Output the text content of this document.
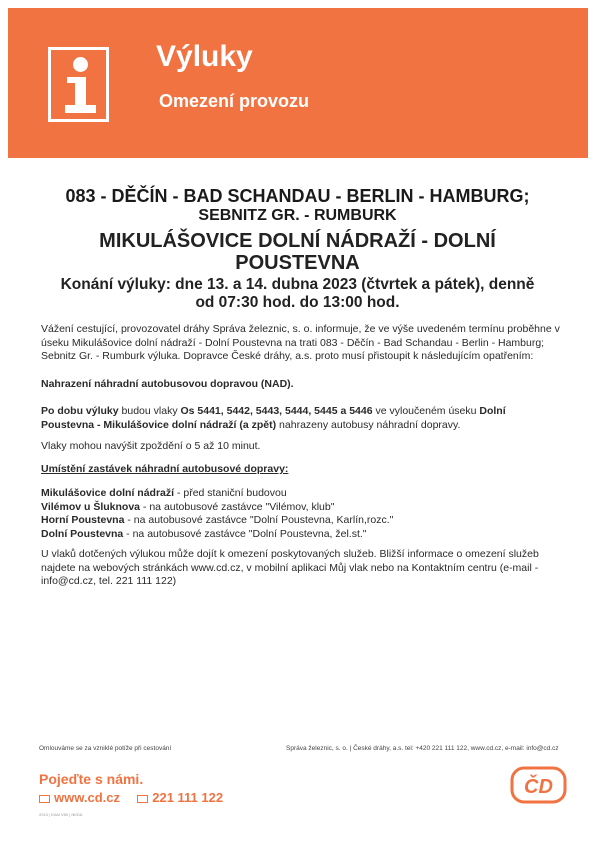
Výluky
Omezení provozu
083 - DĚČÍN - BAD SCHANDAU - BERLIN - HAMBURG;
SEBNITZ GR. - RUMBURK
MIKULÁŠOVICE DOLNÍ NÁDRAŽÍ - DOLNÍ
POUSTEVNA
Konání výluky: dne 13. a 14. dubna 2023 (čtvrtek a pátek), denně
od 07:30 hod. do 13:00 hod.
Vážení cestující, provozovatel dráhy Správa železnic, s. o. informuje, že ve výše uvedeném termínu proběhne v úseku Mikulášovice dolní nádraží - Dolní Poustevna na trati 083 - Děčín - Bad Schandau - Berlin - Hamburg; Sebnitz Gr. - Rumburk výluka. Dopravce České dráhy, a.s. proto musí přistoupit k následujícím opatřením:
Nahrazení náhradní autobusovou dopravou (NAD).
Po dobu výluky budou vlaky Os 5441, 5442, 5443, 5444, 5445 a 5446 ve vyloučeném úseku Dolní Poustevna - Mikulášovice dolní nádraží (a zpět) nahrazeny autobusy náhradní dopravy.
Vlaky mohou navýšit zpoždění o 5 až 10 minut.
Umístění zastávek náhradní autobusové dopravy:
Mikulášovice dolní nádraží - před staniční budovou
Vilémov u Šluknova - na autobusové zastávce "Vilémov, klub"
Horní Poustevna - na autobusové zastávce "Dolní Poustevna, Karlín,rozc."
Dolní Poustevna - na autobusové zastávce "Dolní Poustevna, žel.st."
U vlaků dotčených výlukou může dojít k omezení poskytovaných služeb. Bližší informace o omezení služeb najdete na webových stránkách www.cd.cz, v mobilní aplikaci Můj vlak nebo na Kontaktním centru (e-mail - info@cd.cz, tel. 221 111 122)
Omlouváme se za vzniklé potíže při cestování	Správa železnic, s. o. | České dráhy, a.s. tel: +420 221 111 122, www.cd.cz, e-mail: info@cd.cz
Pojeďte s námi.
www.cd.cz 221 111 122
2013 | KAM VMI | NKDA
ČD
